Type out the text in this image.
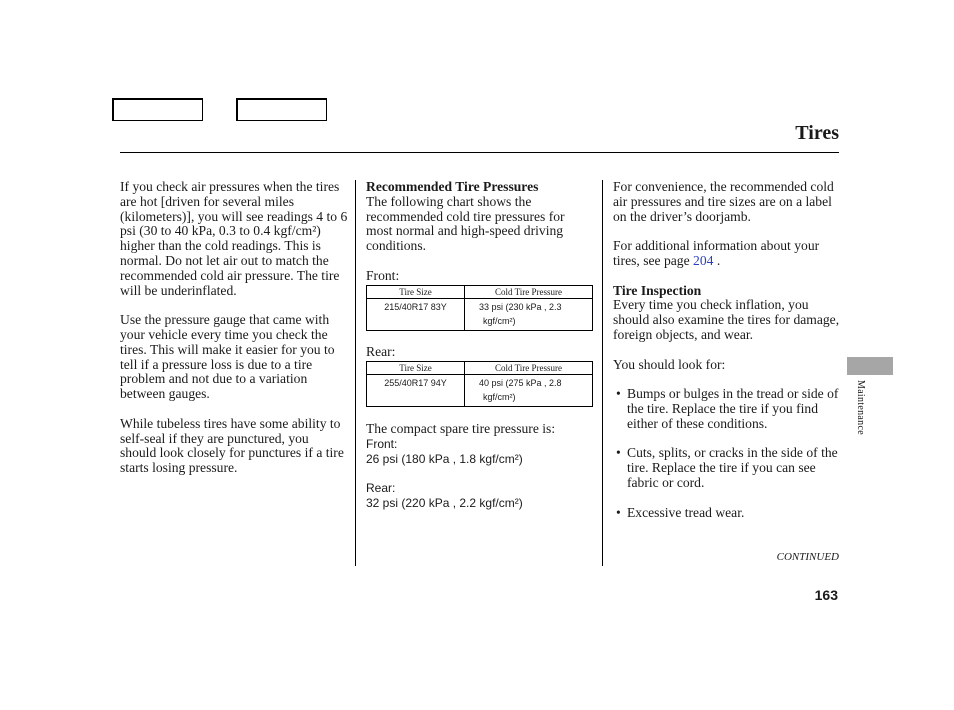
Tires

If you check air pressures when the tires are hot [driven for several miles (kilometers)], you will see readings 4 to 6 psi (30 to 40 kPa, 0.3 to 0.4 kgf/cm²) higher than the cold readings. This is normal. Do not let air out to match the recommended cold air pressure. The tire will be underinflated.

Use the pressure gauge that came with your vehicle every time you check the tires. This will make it easier for you to tell if a pressure loss is due to a tire problem and not due to a variation between gauges.

While tubeless tires have some ability to self-seal if they are punctured, you should look closely for punctures if a tire starts losing pressure.

Recommended Tire Pressures

The following chart shows the recommended cold tire pressures for most normal and high-speed driving conditions.

Front:

Tire Size	Cold Tire Pressure
215/40R17 83Y	33 psi (230 kPa , 2.3
kgf/cm²)

Rear:

Tire Size	Cold Tire Pressure
255/40R17 94Y	40 psi (275 kPa , 2.8
kgf/cm²)

The compact spare tire pressure is:

Front:

26 psi (180 kPa , 1.8 kgf/cm²)

Rear:

32 psi (220 kPa , 2.2 kgf/cm²)

For convenience, the recommended cold air pressures and tire sizes are on a label on the driver’s doorjamb.

For additional information about your tires, see page 204 .

Tire Inspection

Every time you check inflation, you should also examine the tires for damage, foreign objects, and wear.

You should look for:

• Bumps or bulges in the tread or side of the tire. Replace the tire if you find either of these conditions.
• Cuts, splits, or cracks in the side of the tire. Replace the tire if you can see fabric or cord.
• Excessive tread wear.
CONTINUED
163
Maintenance
